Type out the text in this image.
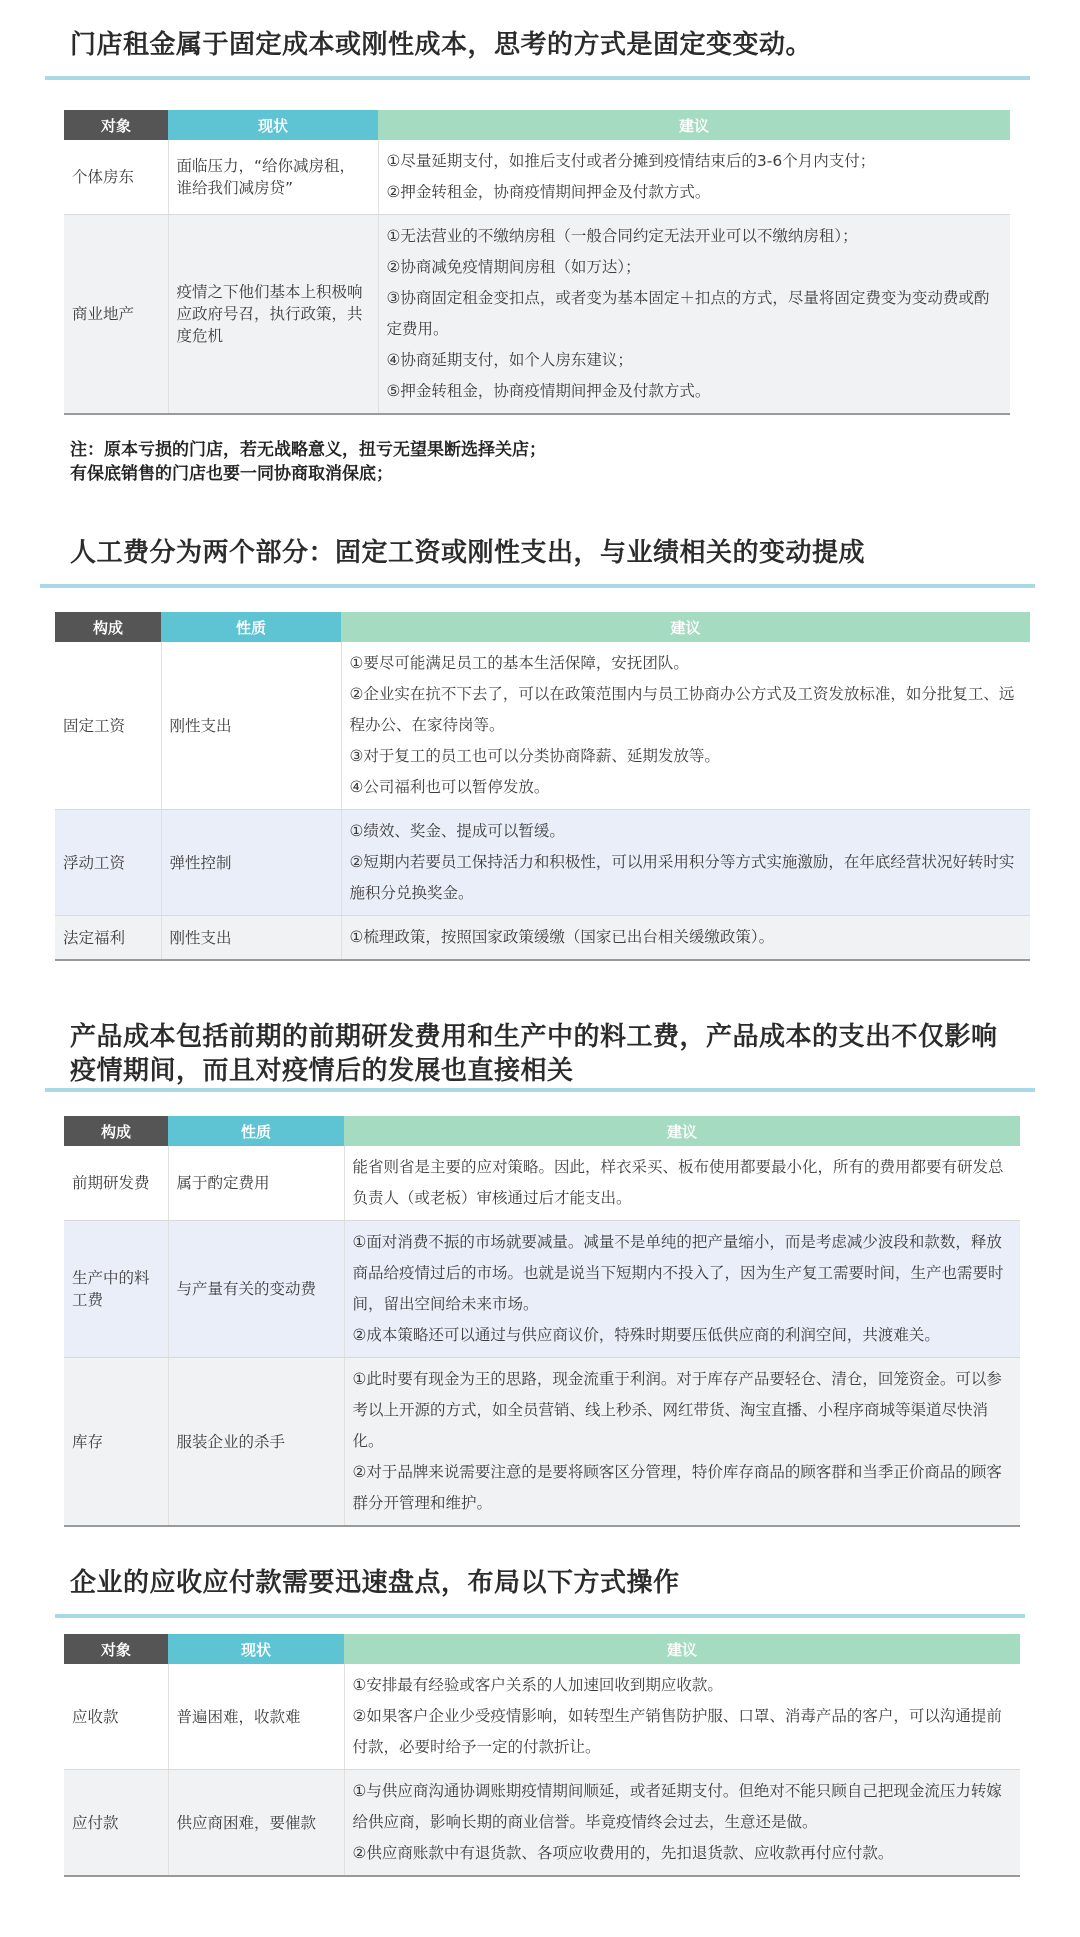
门店租金属于固定成本或刚性成本，思考的方式是固定变变动。
对象	现状	建议
个体房东	面临压力，“给你减房租，谁给我们减房贷”	①尽量延期支付，如推后支付或者分摊到疫情结束后的3-6个月内支付；
②押金转租金，协商疫情期间押金及付款方式。

商业地产	疫情之下他们基本上积极响应政府号召，执行政策，共度危机	①无法营业的不缴纳房租（一般合同约定无法开业可以不缴纳房租）；
②协商减免疫情期间房租（如万达）；
③协商固定租金变扣点，或者变为基本固定＋扣点的方式，尽量将固定费变为变动费或酌定费用。
④协商延期支付，如个人房东建议；
⑤押金转租金，协商疫情期间押金及付款方式。
注：原本亏损的门店，若无战略意义，扭亏无望果断选择关店；
有保底销售的门店也要一同协商取消保底；
人工费分为两个部分：固定工资或刚性支出，与业绩相关的变动提成
构成	性质	建议
固定工资	刚性支出	①要尽可能满足员工的基本生活保障，安抚团队。
②企业实在抗不下去了，可以在政策范围内与员工协商办公方式及工资发放标准，如分批复工、远程办公、在家待岗等。
③对于复工的员工也可以分类协商降薪、延期发放等。
④公司福利也可以暂停发放。

浮动工资	弹性控制	①绩效、奖金、提成可以暂缓。
②短期内若要员工保持活力和积极性，可以用采用积分等方式实施激励，在年底经营状况好转时实施积分兑换奖金。

法定福利	刚性支出	①梳理政策，按照国家政策缓缴（国家已出台相关缓缴政策）。
产品成本包括前期的前期研发费用和生产中的料工费，产品成本的支出不仅影响
疫情期间，而且对疫情后的发展也直接相关
构成	性质	建议
前期研发费	属于酌定费用	能省则省是主要的应对策略。因此，样衣采买、板布使用都要最小化，所有的费用都要有研发总负责人（或老板）审核通过后才能支出。

生产中的料工费	与产量有关的变动费	①面对消费不振的市场就要减量。减量不是单纯的把产量缩小，而是考虑减少波段和款数，释放商品给疫情过后的市场。也就是说当下短期内不投入了，因为生产复工需要时间，生产也需要时间，留出空间给未来市场。
②成本策略还可以通过与供应商议价，特殊时期要压低供应商的利润空间，共渡难关。

库存	服装企业的杀手	①此时要有现金为王的思路，现金流重于利润。对于库存产品要轻仓、清仓，回笼资金。可以参考以上开源的方式，如全员营销、线上秒杀、网红带货、淘宝直播、小程序商城等渠道尽快消化。
②对于品牌来说需要注意的是要将顾客区分管理，特价库存商品的顾客群和当季正价商品的顾客群分开管理和维护。
企业的应收应付款需要迅速盘点，布局以下方式操作
对象	现状	建议
应收款	普遍困难，收款难	①安排最有经验或客户关系的人加速回收到期应收款。
②如果客户企业少受疫情影响，如转型生产销售防护服、口罩、消毒产品的客户，可以沟通提前付款，必要时给予一定的付款折让。

应付款	供应商困难，要催款	①与供应商沟通协调账期疫情期间顺延，或者延期支付。但绝对不能只顾自己把现金流压力转嫁给供应商，影响长期的商业信誉。毕竟疫情终会过去，生意还是做。
②供应商账款中有退货款、各项应收费用的，先扣退货款、应收款再付应付款。
